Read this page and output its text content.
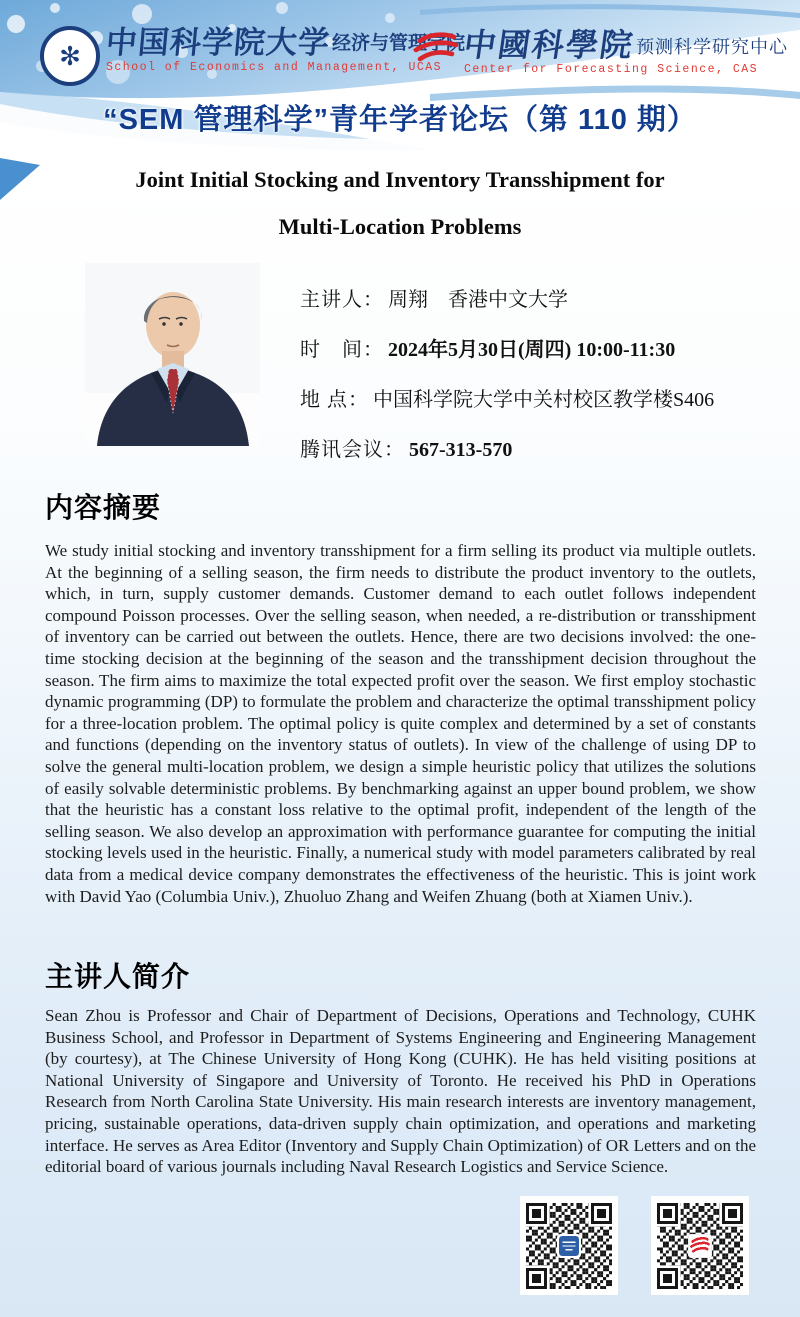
✻ 中国科学院大学经济与管理学院
School of Economics and Management, UCAS
中國科學院预测科学研究中心
Center for Forecasting Science, CAS
“SEM 管理科学”青年学者论坛（第 110 期）
Joint Initial Stocking and Inventory Transshipment for
Multi-Location Problems
主讲人： 周翔　香港中文大学
时　间： 2024年5月30日(周四) 10:00-11:30
地 点： 中国科学院大学中关村校区教学楼S406
腾讯会议： 567-313-570
内容摘要
We study initial stocking and inventory transshipment for a firm selling its product via multiple outlets. At the beginning of a selling season, the firm needs to distribute the product inventory to the outlets, which, in turn, supply customer demands. Customer demand to each outlet follows independent compound Poisson processes. Over the selling season, when needed, a re-distribution or transshipment of inventory can be carried out between the outlets. Hence, there are two decisions involved: the one-time stocking decision at the beginning of the season and the transshipment decision throughout the season. The firm aims to maximize the total expected profit over the season. We first employ stochastic dynamic programming (DP) to formulate the problem and characterize the optimal transshipment policy for a three-location problem. The optimal policy is quite complex and determined by a set of constants and functions (depending on the inventory status of outlets). In view of the challenge of using DP to solve the general multi-location problem, we design a simple heuristic policy that utilizes the solutions of easily solvable deterministic problems. By benchmarking against an upper bound problem, we show that the heuristic has a constant loss relative to the optimal profit, independent of the length of the selling season. We also develop an approximation with performance guarantee for computing the initial stocking levels used in the heuristic. Finally, a numerical study with model parameters calibrated by real data from a medical device company demonstrates the effectiveness of the heuristic. This is joint work with David Yao (Columbia Univ.), Zhuoluo Zhang and Weifen Zhuang (both at Xiamen Univ.).
主讲人简介
Sean Zhou is Professor and Chair of Department of Decisions, Operations and Technology, CUHK Business School, and Professor in Department of Systems Engineering and Engineering Management (by courtesy), at The Chinese University of Hong Kong (CUHK). He has held visiting positions at National University of Singapore and University of Toronto. He received his PhD in Operations Research from North Carolina State University. His main research interests are inventory management, pricing, sustainable operations, data-driven supply chain optimization, and operations and marketing interface. He serves as Area Editor (Inventory and Supply Chain Optimization) of OR Letters and on the editorial board of various journals including Naval Research Logistics and Service Science.
